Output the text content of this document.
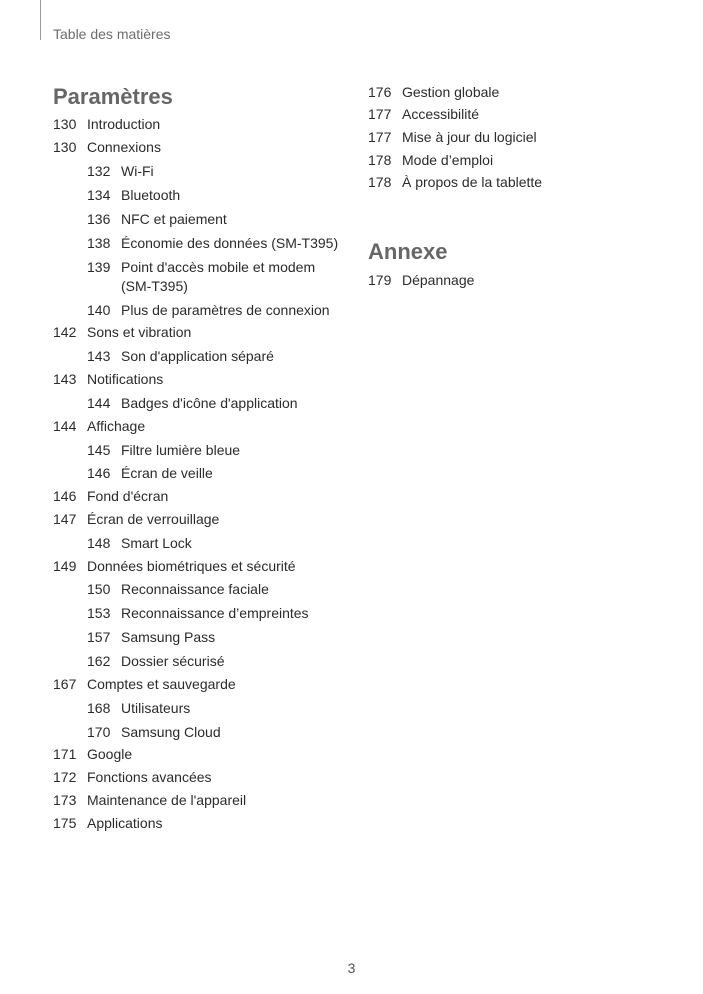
Table des matières
Paramètres
130 Introduction
130 Connexions
132 Wi-Fi
134 Bluetooth
136 NFC et paiement
138 Économie des données (SM-T395)
139 Point d'accès mobile et modem
(SM-T395)
140 Plus de paramètres de connexion
142 Sons et vibration
143 Son d'application séparé
143 Notifications
144 Badges d'icône d'application
144 Affichage
145 Filtre lumière bleue
146 Écran de veille
146 Fond d'écran
147 Écran de verrouillage
148 Smart Lock
149 Données biométriques et sécurité
150 Reconnaissance faciale
153 Reconnaissance d’empreintes
157 Samsung Pass
162 Dossier sécurisé
167 Comptes et sauvegarde
168 Utilisateurs
170 Samsung Cloud
171 Google
172 Fonctions avancées
173 Maintenance de l'appareil
175 Applications
176 Gestion globale
177 Accessibilité
177 Mise à jour du logiciel
178 Mode d’emploi
178 À propos de la tablette
Annexe
179 Dépannage
3
